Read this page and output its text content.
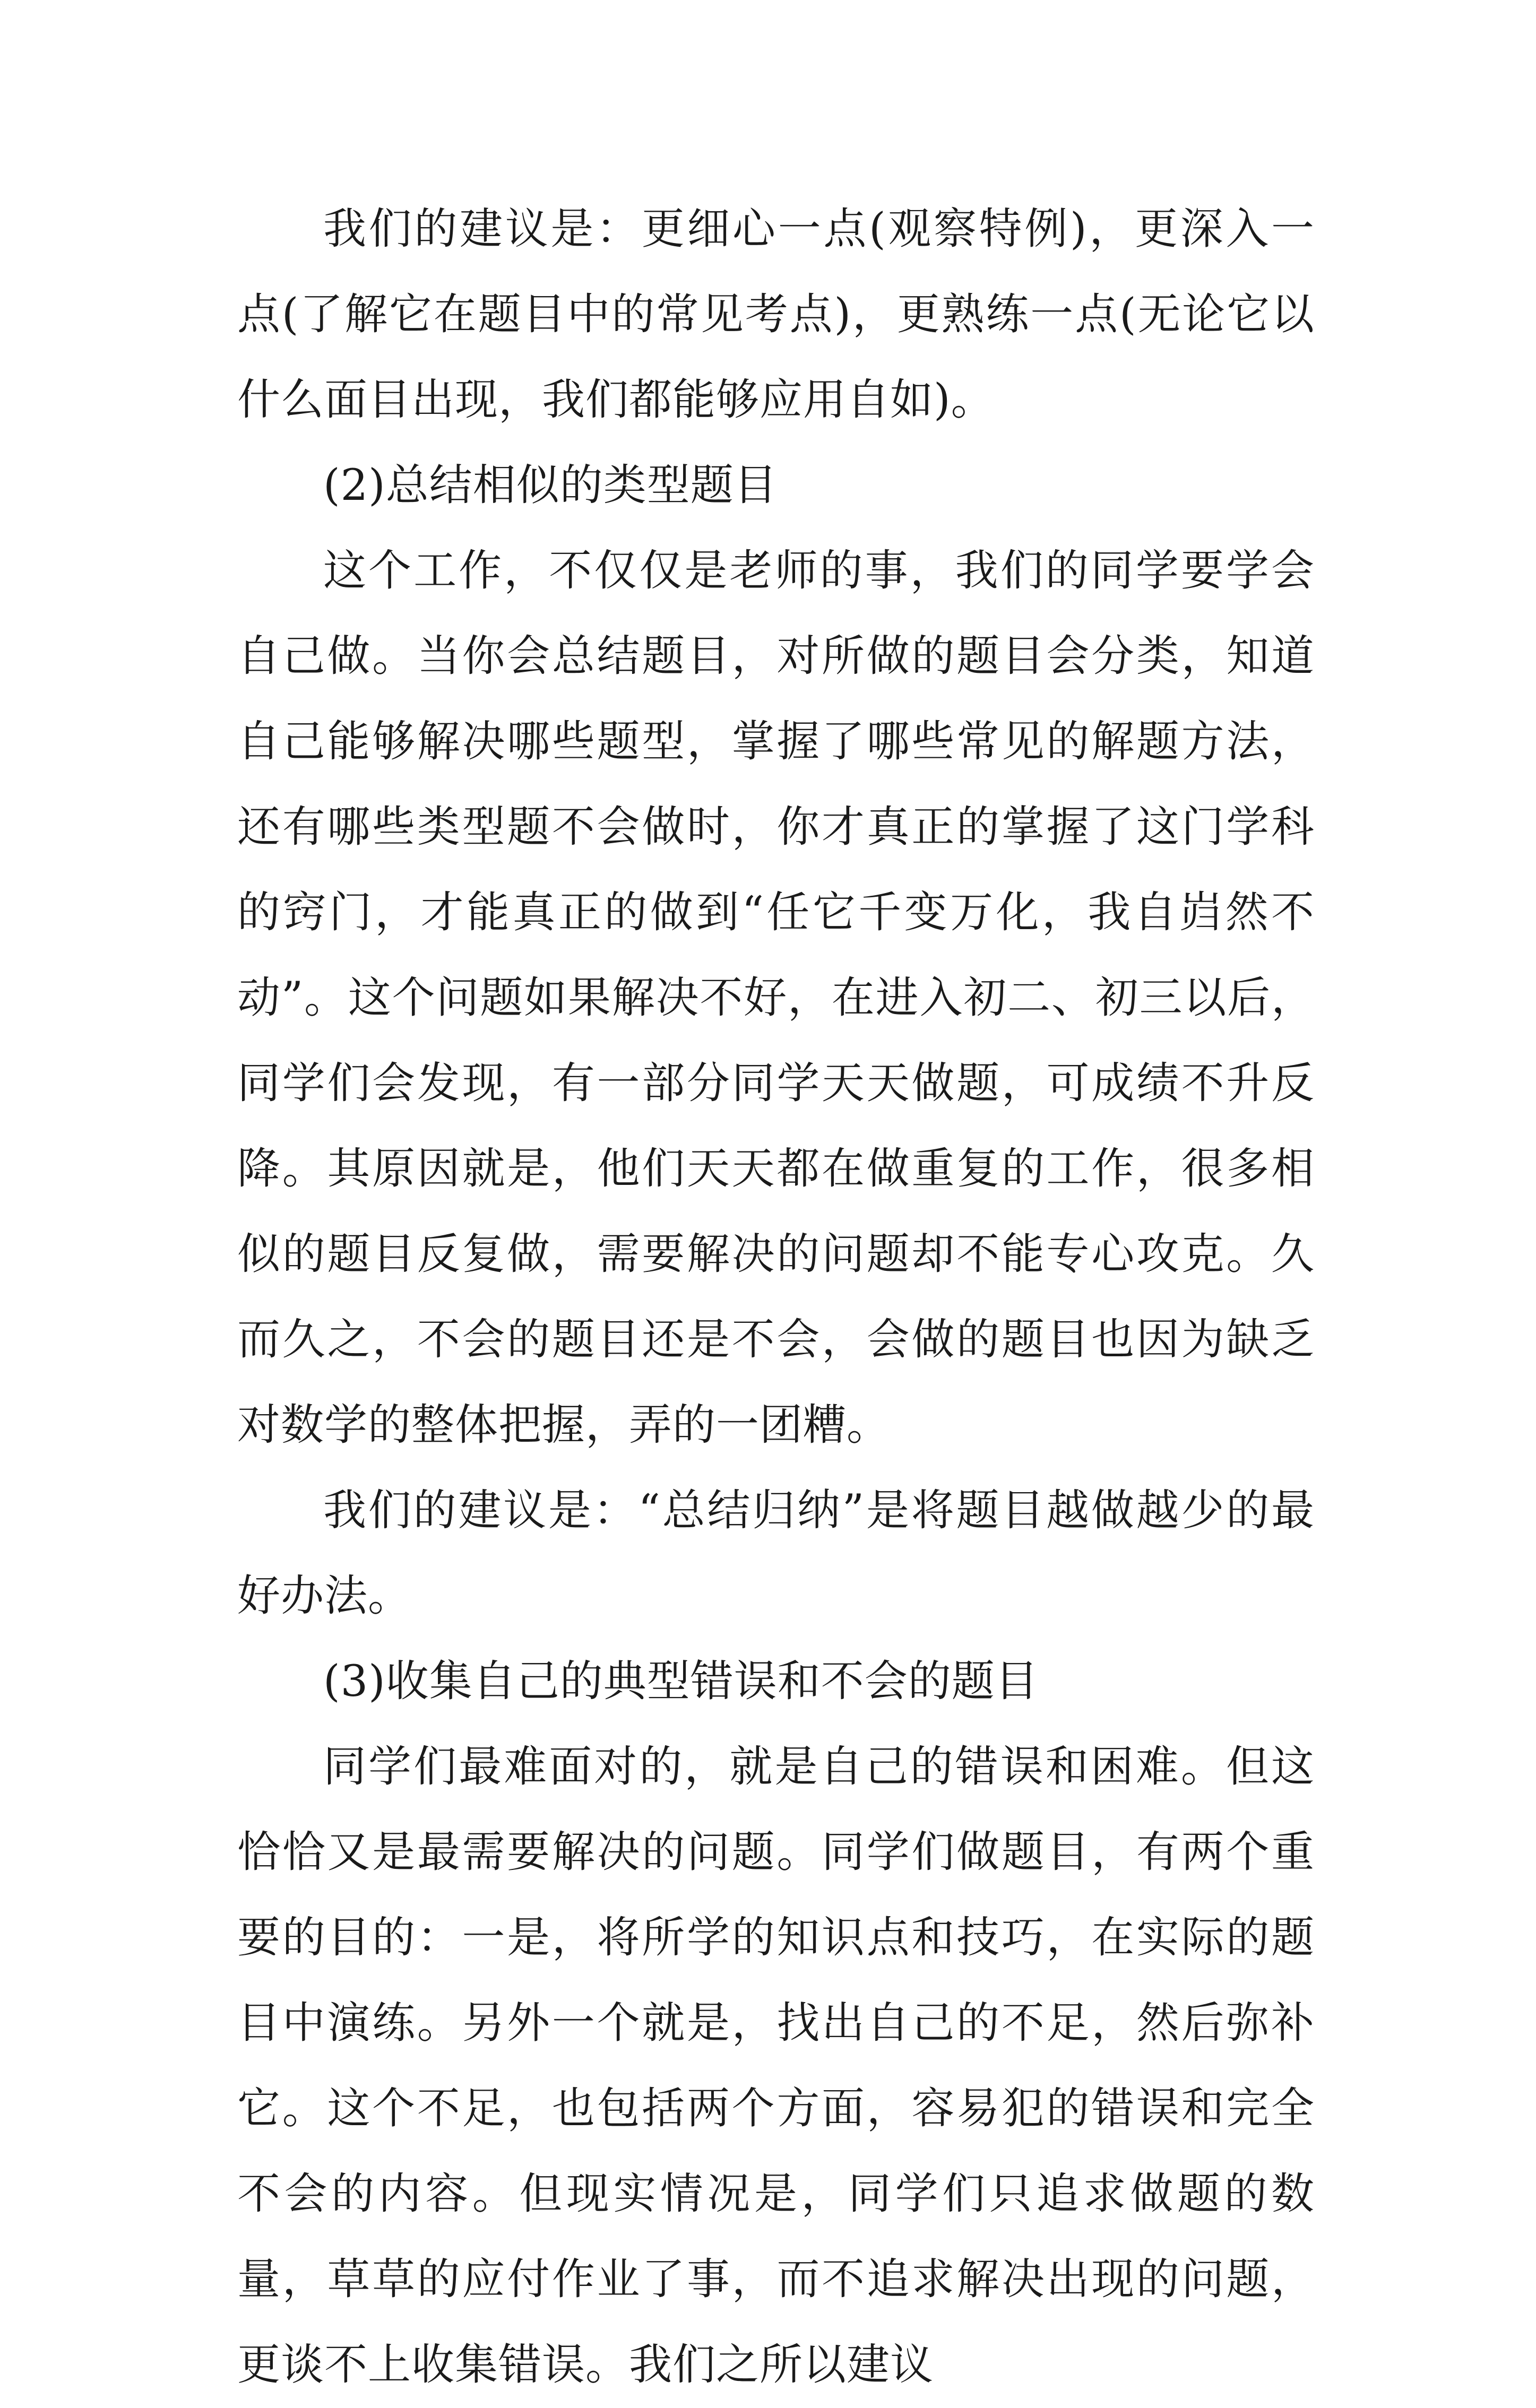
我们的建议是：更细心一点(观察特例)，更深入一点(了解它在题目中的常见考点)，更熟练一点(无论它以什么面目出现，我们都能够应用自如)。

(2)总结相似的类型题目

这个工作，不仅仅是老师的事，我们的同学要学会自己做。当你会总结题目，对所做的题目会分类，知道自己能够解决哪些题型，掌握了哪些常见的解题方法，还有哪些类型题不会做时，你才真正的掌握了这门学科的窍门，才能真正的做到“任它千变万化，我自岿然不动”。这个问题如果解决不好，在进入初二、初三以后，同学们会发现，有一部分同学天天做题，可成绩不升反降。其原因就是，他们天天都在做重复的工作，很多相似的题目反复做，需要解决的问题却不能专心攻克。久而久之，不会的题目还是不会，会做的题目也因为缺乏对数学的整体把握，弄的一团糟。

我们的建议是：“总结归纳”是将题目越做越少的最好办法。

(3)收集自己的典型错误和不会的题目

同学们最难面对的，就是自己的错误和困难。但这恰恰又是最需要解决的问题。同学们做题目，有两个重要的目的：一是，将所学的知识点和技巧，在实际的题目中演练。另外一个就是，找出自己的不足，然后弥补它。这个不足，也包括两个方面，容易犯的错误和完全不会的内容。但现实情况是，同学们只追求做题的数量，草草的应付作业了事，而不追求解决出现的问题，更谈不上收集错误。我们之所以建议
